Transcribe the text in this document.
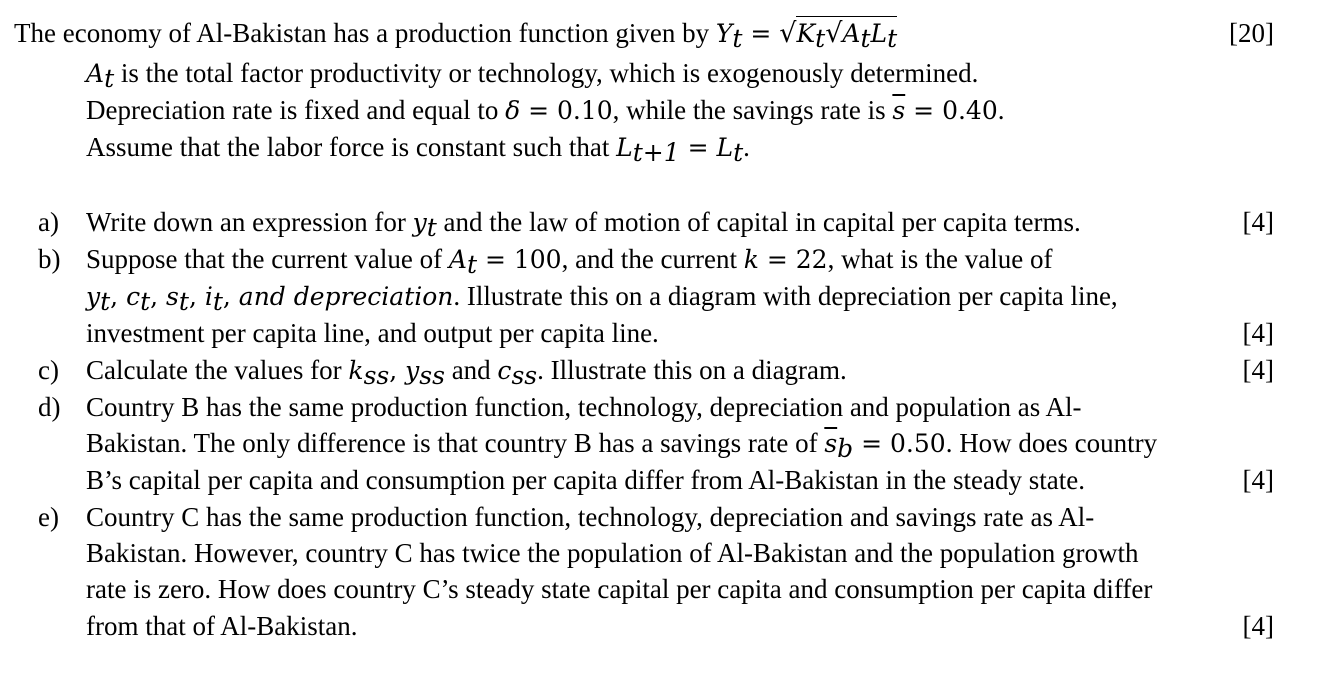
The economy of Al-Bakistan has a production function given by $Y_t = √K_t√A_tL_t$	[20]
$A_t$ is the total factor productivity or technology, which is exogenously determined.
Depreciation rate is fixed and equal to δ = 0.10, while the savings rate is $\overline{s} = 0.40$.
Assume that the labor force is constant such that $L_{t+1} = L_t$.
a) Write down an expression for $y_t$ and the law of motion of capital in capital per capita terms.	[4]
b) Suppose that the current value of $A_t = 100$, and the current k = 22, what is the value of
$y_t$, $c_t$, $s_t$, $i_t$, and depreciation. Illustrate this on a diagram with depreciation per capita line,
investment per capita line, and output per capita line.	[4]
c) Calculate the values for $k_{ss}$, $y_{ss}$ and $c_{ss}$. Illustrate this on a diagram.	[4]
d) Country B has the same production function, technology, depreciation and population as Al-
Bakistan. The only difference is that country B has a savings rate of $\overline{s}_b = 0.50$. How does country
B’s capital per capita and consumption per capita differ from Al-Bakistan in the steady state.	[4]
e) Country C has the same production function, technology, depreciation and savings rate as Al-
Bakistan. However, country C has twice the population of Al-Bakistan and the population growth
rate is zero. How does country C’s steady state capital per capita and consumption per capita differ
from that of Al-Bakistan.	[4]
